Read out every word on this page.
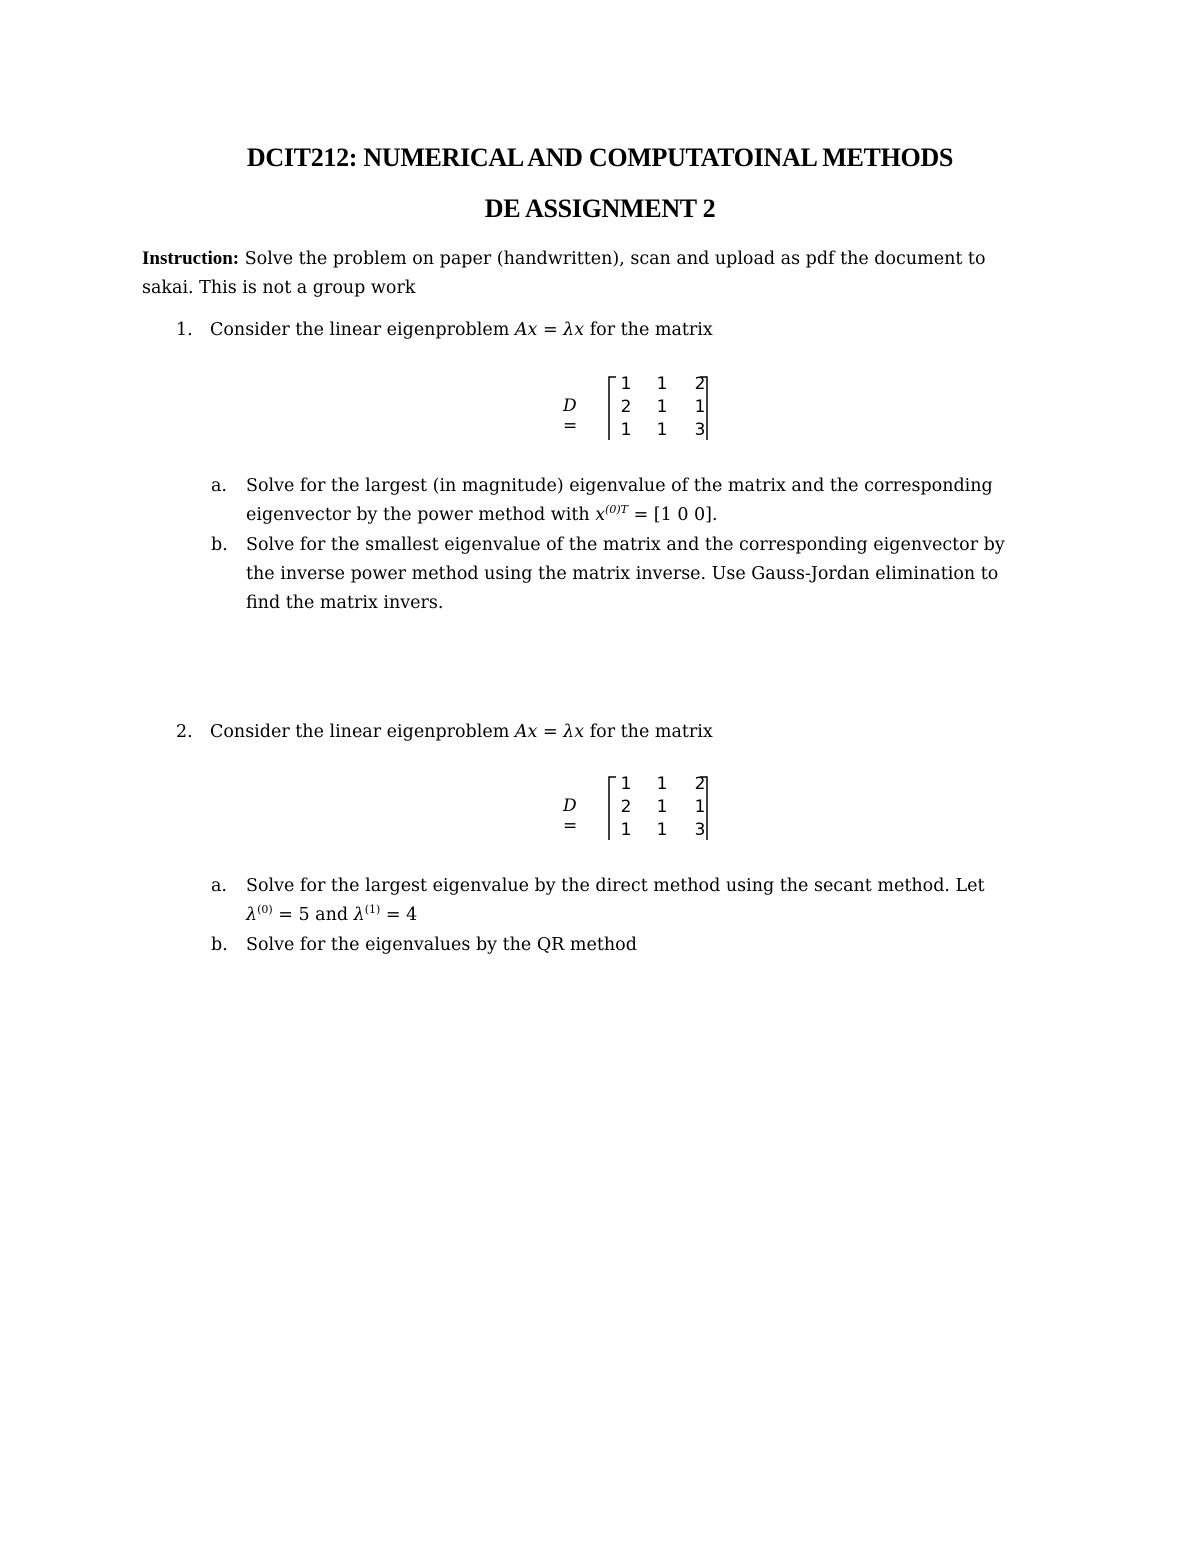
DCIT212: NUMERICAL AND COMPUTATOINAL METHODS
DE ASSIGNMENT 2
Instruction: Solve the problem on paper (handwritten), scan and upload as pdf the document to
sakai. This is not a group work
1. Consider the linear eigenproblem Ax = λx for the matrix
D =
1 1 2
2 1 1
1 1 3
a. Solve for the largest (in magnitude) eigenvalue of the matrix and the corresponding
eigenvector by the power method with $x^{(0)T} = [1$ 0 0].
b. Solve for the smallest eigenvalue of the matrix and the corresponding eigenvector by
the inverse power method using the matrix inverse. Use Gauss-Jordan elimination to
find the matrix invers.
2. Consider the linear eigenproblem Ax = λx for the matrix
D =
1 1 2
2 1 1
1 1 3
a. Solve for the largest eigenvalue by the direct method using the secant method. Let
$\lambda^{(0)} = 5$ and $\lambda^{(1)} = 4$
b. Solve for the eigenvalues by the QR method
